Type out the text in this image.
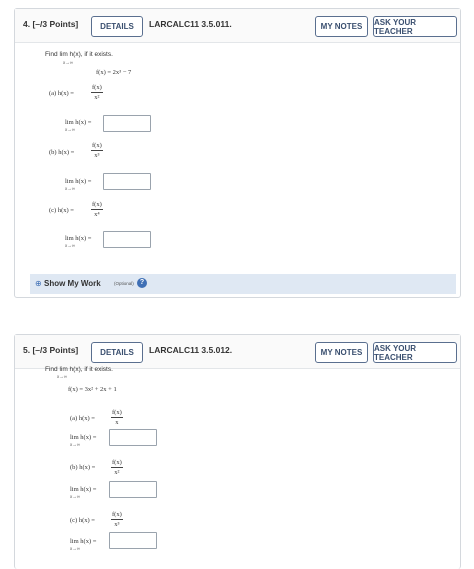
4. [–/3 Points]	DETAILS	LARCALC11 3.5.011.	MY NOTES	ASK YOUR TEACHER
Find lim h(x), if it exists.
x→∞
f(x) = 2x³ − 7
(a) h(x) =	$\frac{f(x)}{\text{x²}}$
lim h(x) =
x→∞
(b) h(x) =	$\frac{f(x)}{\text{x³}}$
lim h(x) =
x→∞
(c) h(x) =	$\frac{f(x)}{\text{x⁴}}$
lim h(x) =
x→∞
⊕ Show My Work	(Optional) ?
5. [–/3 Points]	DETAILS	LARCALC11 3.5.012.	MY NOTES	ASK YOUR TEACHER
Find lim h(x), if it exists.
x→∞
f(x) = 3x² + 2x + 1
(a) $h(x) = \frac{f(x)}{x}$
lim h(x) =
x→∞
(b) $h(x) = \frac{f(x)}{\text{x²}}$
lim h(x) =
x→∞
(c) $h(x) = \frac{f(x)}{\text{x³}}$
lim h(x) =
x→∞
